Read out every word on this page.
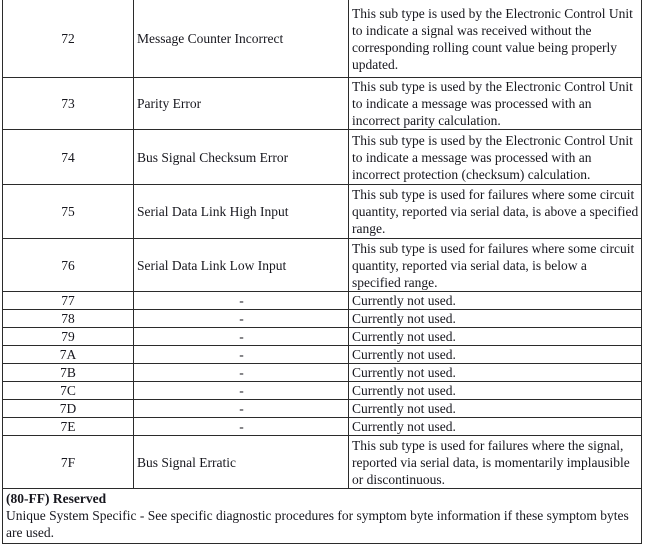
72	Message Counter Incorrect	This sub type is used by the Electronic Control Unit to indicate a signal was received without the corresponding rolling count value being properly updated.
73	Parity Error	This sub type is used by the Electronic Control Unit to indicate a message was processed with an incorrect parity calculation.
74	Bus Signal Checksum Error	This sub type is used by the Electronic Control Unit to indicate a message was processed with an incorrect protection (checksum) calculation.
75	Serial Data Link High Input	This sub type is used for failures where some circuit quantity, reported via serial data, is above a specified range.
76	Serial Data Link Low Input	This sub type is used for failures where some circuit quantity, reported via serial data, is below a specified range.
77	-	Currently not used.
78	-	Currently not used.
79	-	Currently not used.
7A	-	Currently not used.
7B	-	Currently not used.
7C	-	Currently not used.
7D	-	Currently not used.
7E	-	Currently not used.
7F	Bus Signal Erratic	This sub type is used for failures where the signal, reported via serial data, is momentarily implausible or discontinuous.

(80-FF) Reserved
Unique System Specific - See specific diagnostic procedures for symptom byte information if these symptom bytes are used.		
